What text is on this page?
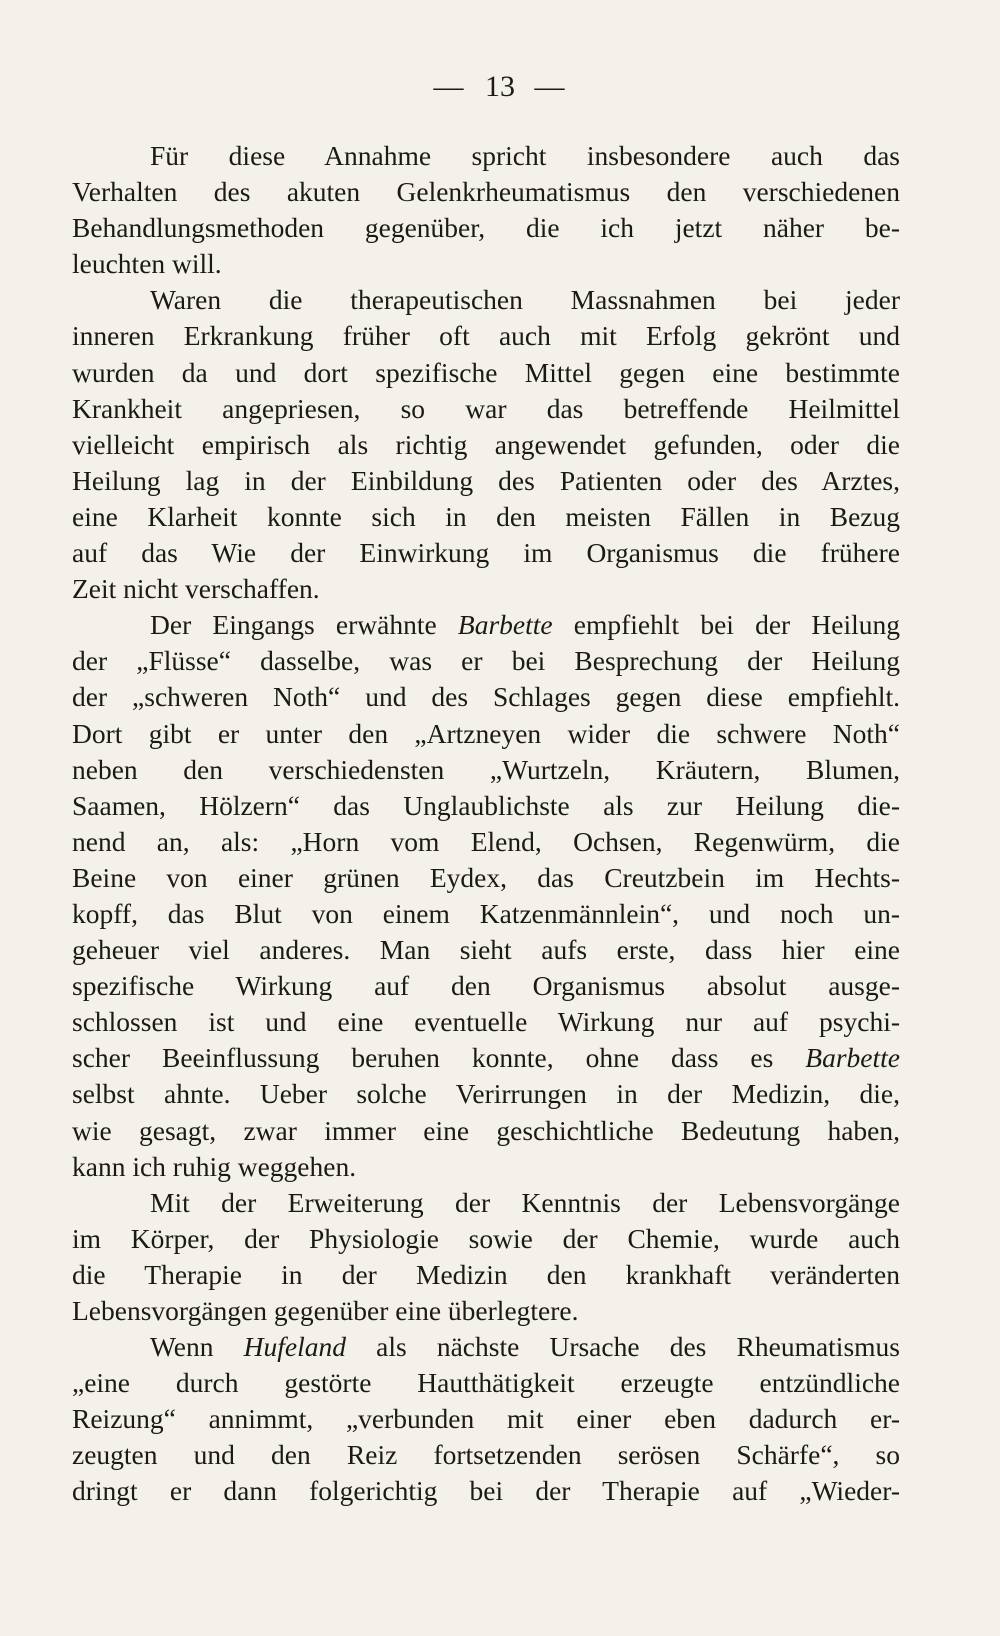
— 13 —
Für diese Annahme spricht insbesondere auch das
Verhalten des akuten Gelenkrheumatismus den verschiedenen
Behandlungsmethoden gegenüber, die ich jetzt näher be-
leuchten will.
Waren die therapeutischen Massnahmen bei jeder
inneren Erkrankung früher oft auch mit Erfolg gekrönt und
wurden da und dort spezifische Mittel gegen eine bestimmte
Krankheit angepriesen, so war das betreffende Heilmittel
vielleicht empirisch als richtig angewendet gefunden, oder die
Heilung lag in der Einbildung des Patienten oder des Arztes,
eine Klarheit konnte sich in den meisten Fällen in Bezug
auf das Wie der Einwirkung im Organismus die frühere
Zeit nicht verschaffen.
Der Eingangs erwähnte Barbette empfiehlt bei der Heilung
der „Flüsse“ dasselbe, was er bei Besprechung der Heilung
der „schweren Noth“ und des Schlages gegen diese empfiehlt.
Dort gibt er unter den „Artzneyen wider die schwere Noth“
neben den verschiedensten „Wurtzeln, Kräutern, Blumen,
Saamen, Hölzern“ das Unglaublichste als zur Heilung die-
nend an, als: „Horn vom Elend, Ochsen, Regenwürm, die
Beine von einer grünen Eydex, das Creutzbein im Hechts-
kopff, das Blut von einem Katzenmännlein“, und noch un-
geheuer viel anderes. Man sieht aufs erste, dass hier eine
spezifische Wirkung auf den Organismus absolut ausge-
schlossen ist und eine eventuelle Wirkung nur auf psychi-
scher Beeinflussung beruhen konnte, ohne dass es Barbette
selbst ahnte. Ueber solche Verirrungen in der Medizin, die,
wie gesagt, zwar immer eine geschichtliche Bedeutung haben,
kann ich ruhig weggehen.
Mit der Erweiterung der Kenntnis der Lebensvorgänge
im Körper, der Physiologie sowie der Chemie, wurde auch
die Therapie in der Medizin den krankhaft veränderten
Lebensvorgängen gegenüber eine überlegtere.
Wenn Hufeland als nächste Ursache des Rheumatismus
„eine durch gestörte Hautthätigkeit erzeugte entzündliche
Reizung“ annimmt, „verbunden mit einer eben dadurch er-
zeugten und den Reiz fortsetzenden serösen Schärfe“, so
dringt er dann folgerichtig bei der Therapie auf „Wieder-
